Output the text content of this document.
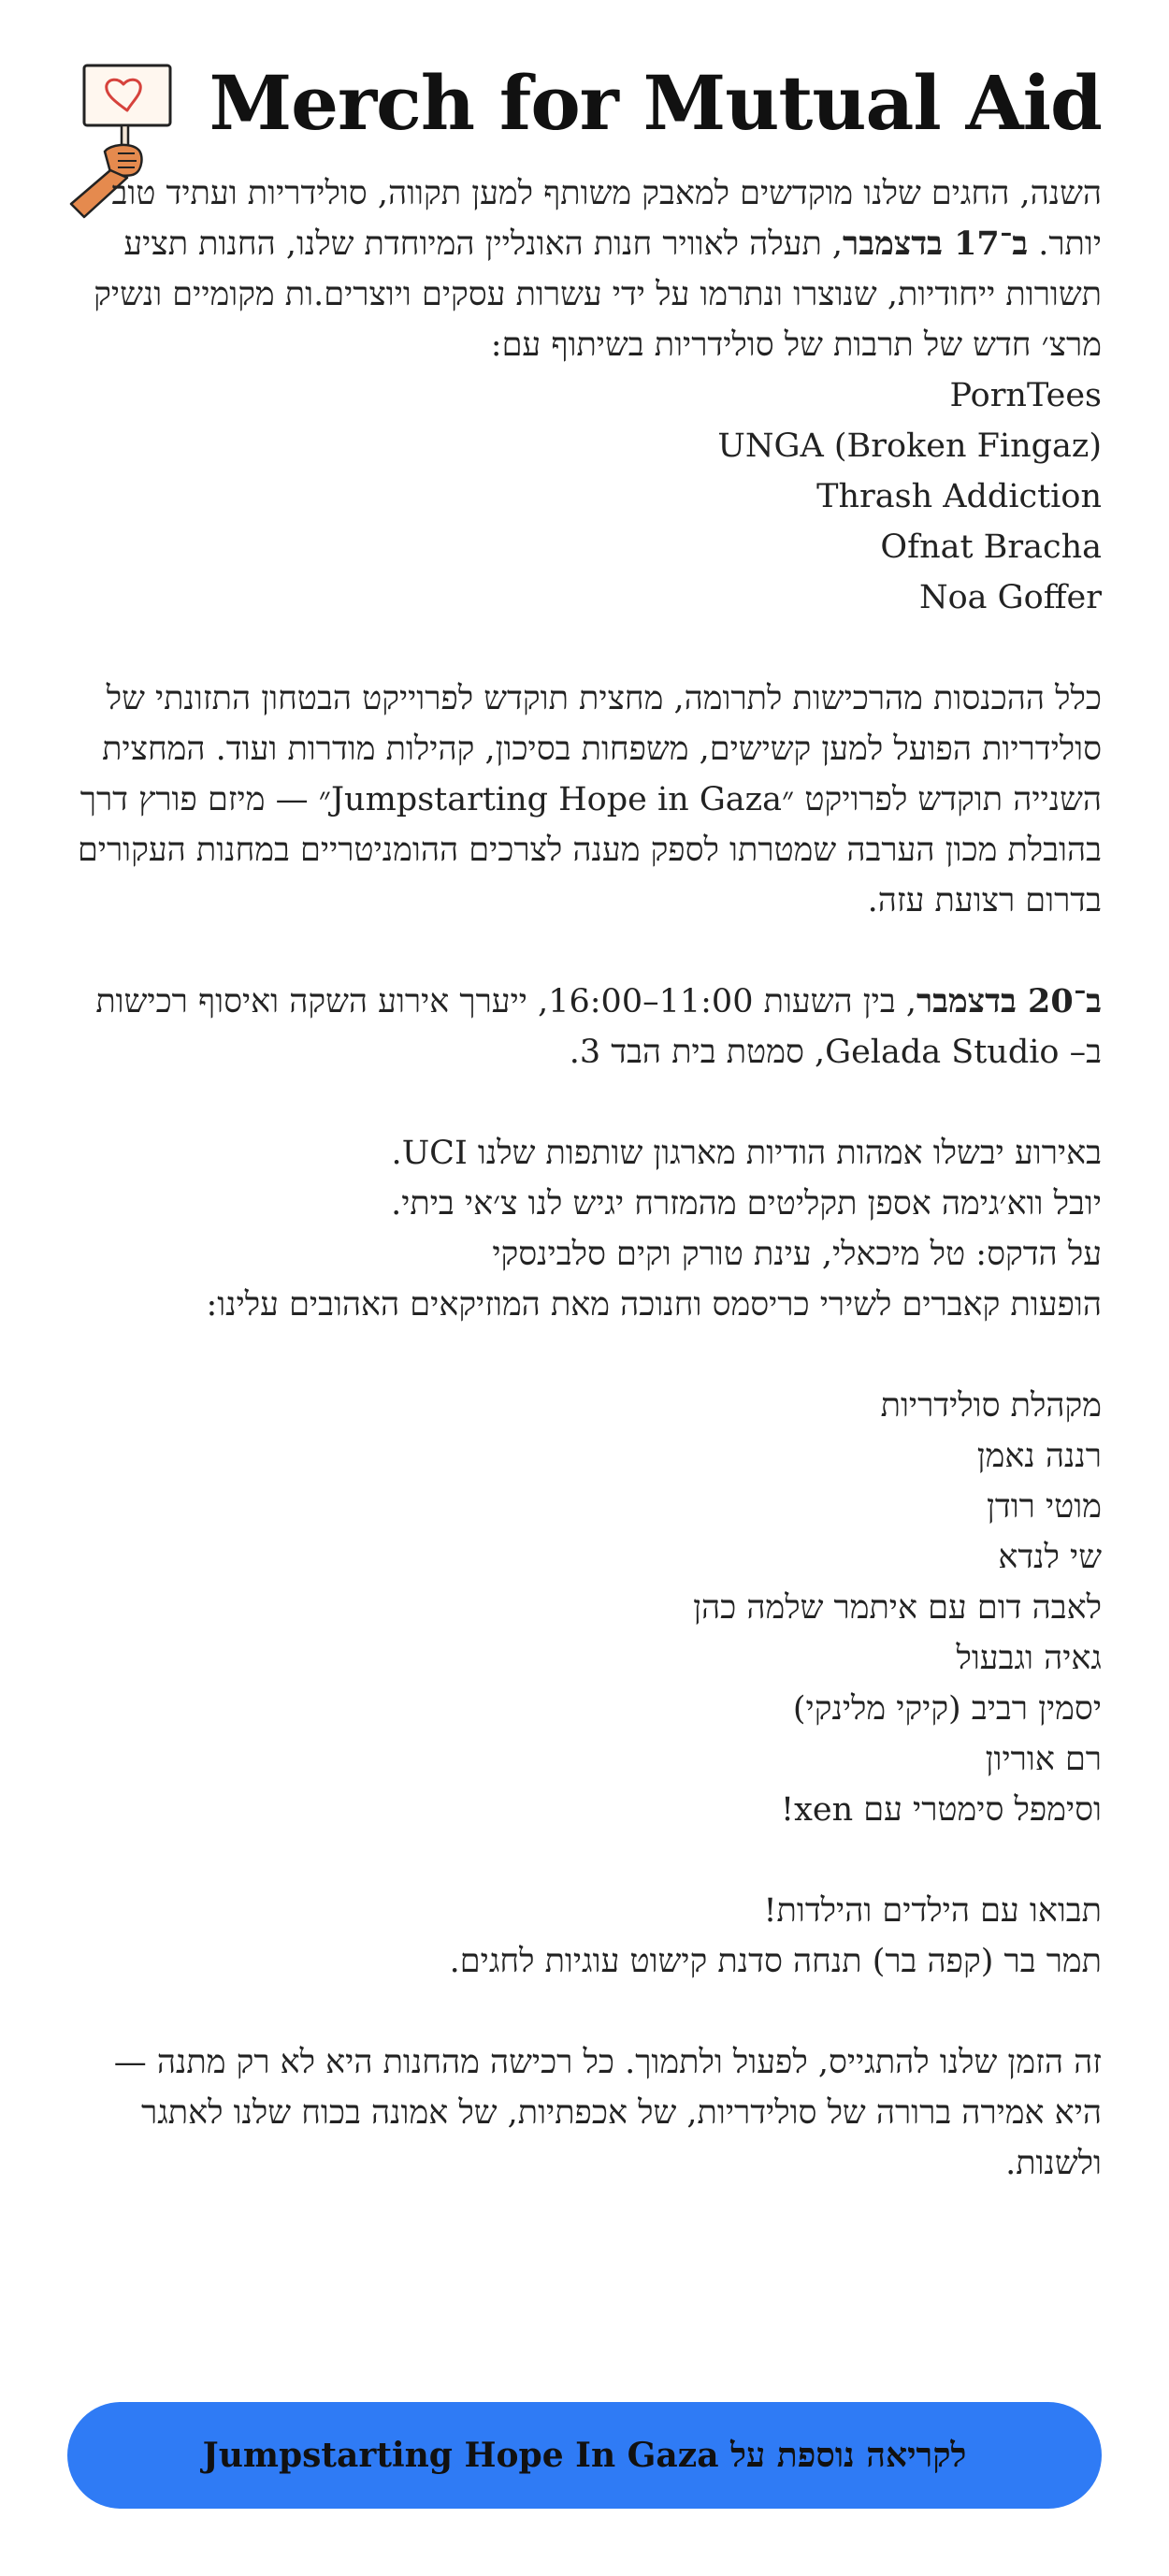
Merch for Mutual Aid

השנה, החגים שלנו מוקדשים למאבק משותף למען תקווה, סולידריות ועתיד טוב יותר. ב־17 בדצמבר, תעלה לאוויר חנות האונליין המיוחדת שלנו, החנות תציע תשורות ייחודיות, שנוצרו ונתרמו על ידי עשרות עסקים ויוצרים.ות מקומיים ונשיק מרצ׳ חדש של תרבות של סולידריות בשיתוף עם:

PornTees
UNGA (Broken Fingaz)
Thrash Addiction
Ofnat Bracha
Noa Goffer

כלל ההכנסות מהרכישות לתרומה, מחצית תוקדש לפרוייקט הבטחון התזונתי של סולידריות הפועל למען קשישים, משפחות בסיכון, קהילות מודרות ועוד. המחצית השנייה תוקדש לפרויקט ״Jumpstarting Hope in Gaza״ — מיזם פורץ דרך בהובלת מכון הערבה שמטרתו לספק מענה לצרכים ההומניטריים במחנות העקורים בדרום רצועת עזה.

ב־20 בדצמבר, בין השעות 11:00–16:00, ייערך אירוע השקה ואיסוף רכישות ב– Gelada Studio, סמטת בית הבד 3.

באירוע יבשלו אמהות הודיות מארגון שותפות שלנו UCI.
יובל ווא׳גימה אספן תקליטים מהמזרח יגיש לנו צ׳אי ביתי.
על הדקס: טל מיכאלי, עינת טורק וקים סלבינסקי
הופעות קאברים לשירי כריסמס וחנוכה מאת המוזיקאים האהובים עלינו:
מקהלת סולידריות
רננה נאמן
מוטי רודן
שי לנדא
לאבה דום עם איתמר שלמה כהן
גאיה וגבעול
יסמין רביב (קיקי מלינקי)
רם אוריון
וסימפל סימטרי עם xen!
תבואו עם הילדים והילדות!
תמר בר (קפה בר) תנחה סדנת קישוט עוגיות לחגים.

זה הזמן שלנו להתגייס, לפעול ולתמוך. כל רכישה מהחנות היא לא רק מתנה — היא אמירה ברורה של סולידריות, של אכפתיות, של אמונה בכוח שלנו לאתגר ולשנות.

לקריאה נוספת על Jumpstarting Hope In Gaza
